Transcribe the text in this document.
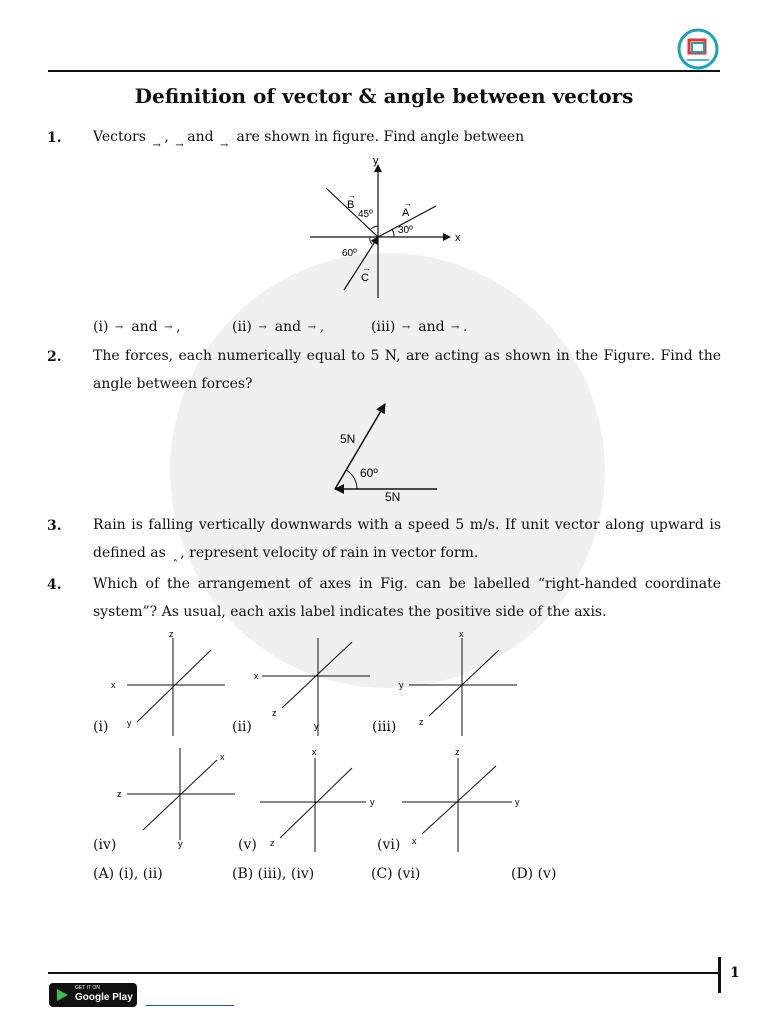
Definition of vector & angle between vectors
1. Vectors , and are shown in figure. Find angle between
x
y
A
→
B
→
C
→
45º
30º
60º
(i) and ,	(ii) and ,	(iii) and .
2. The forces, each numerically equal to 5 N, are acting as shown in the Figure. Find the angle between forces?
5N
5N
60º
3. Rain is falling vertically downwards with a speed 5 m/s. If unit vector along upward is defined as , represent velocity of rain in vector form.
4. Which of the arrangement of axes in Fig. can be labelled “right-handed coordinate system”? As usual, each axis label indicates the positive side of the axis.
z
x
y
(i)	y
x
z
(ii)
x
y
z
(iii)
y
z
x
(iv)
x
y
z
(v)
z
y
x
(vi)
(A) (i), (ii)	(B) (iii), (iv)	(C) (vi)	(D) (v)
1
GET IT ON
Google Play
